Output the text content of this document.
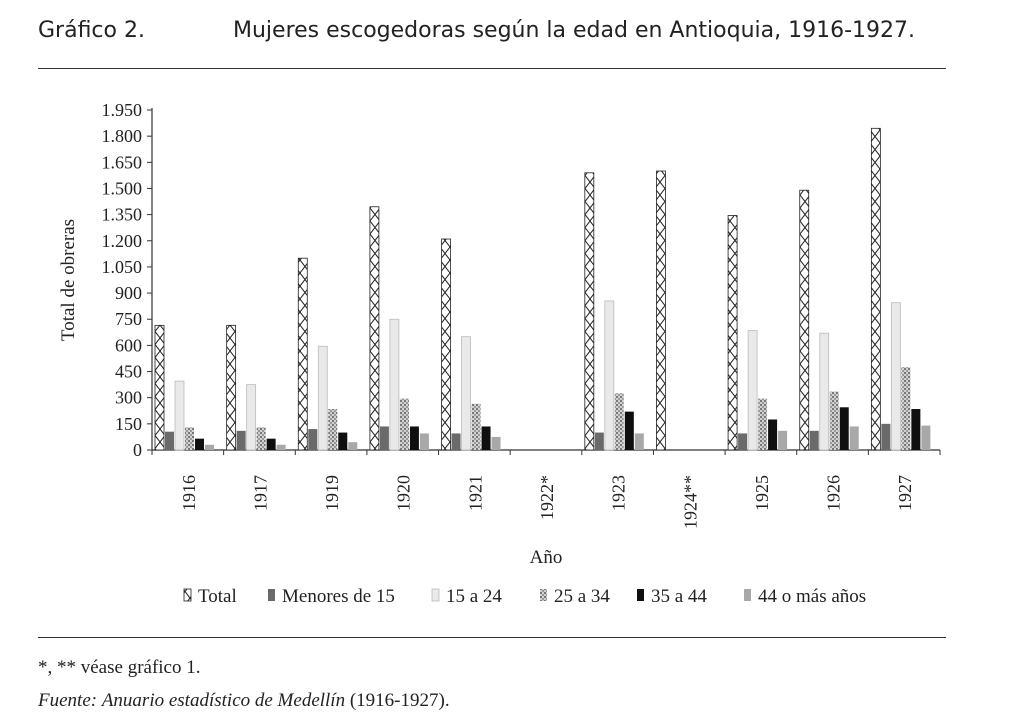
Gráfico 2.	Mujeres escogedoras según la edad en Antioquia, 1916-1927.
0
150
300
450
600
750
900
1.050
1.200
1.350
1.500
1.650
1.800
1.950
1916	1917	1919	1920	1921	1922*	1923	1924**	1925	1926	1927
Total de obreras
Año
Total Menores de 15	15 a 24	25 a 34 35 a 44	44 o más años
*, ** véase gráfico 1.
Fuente: Anuario estadístico de Medellín (1916-1927).
